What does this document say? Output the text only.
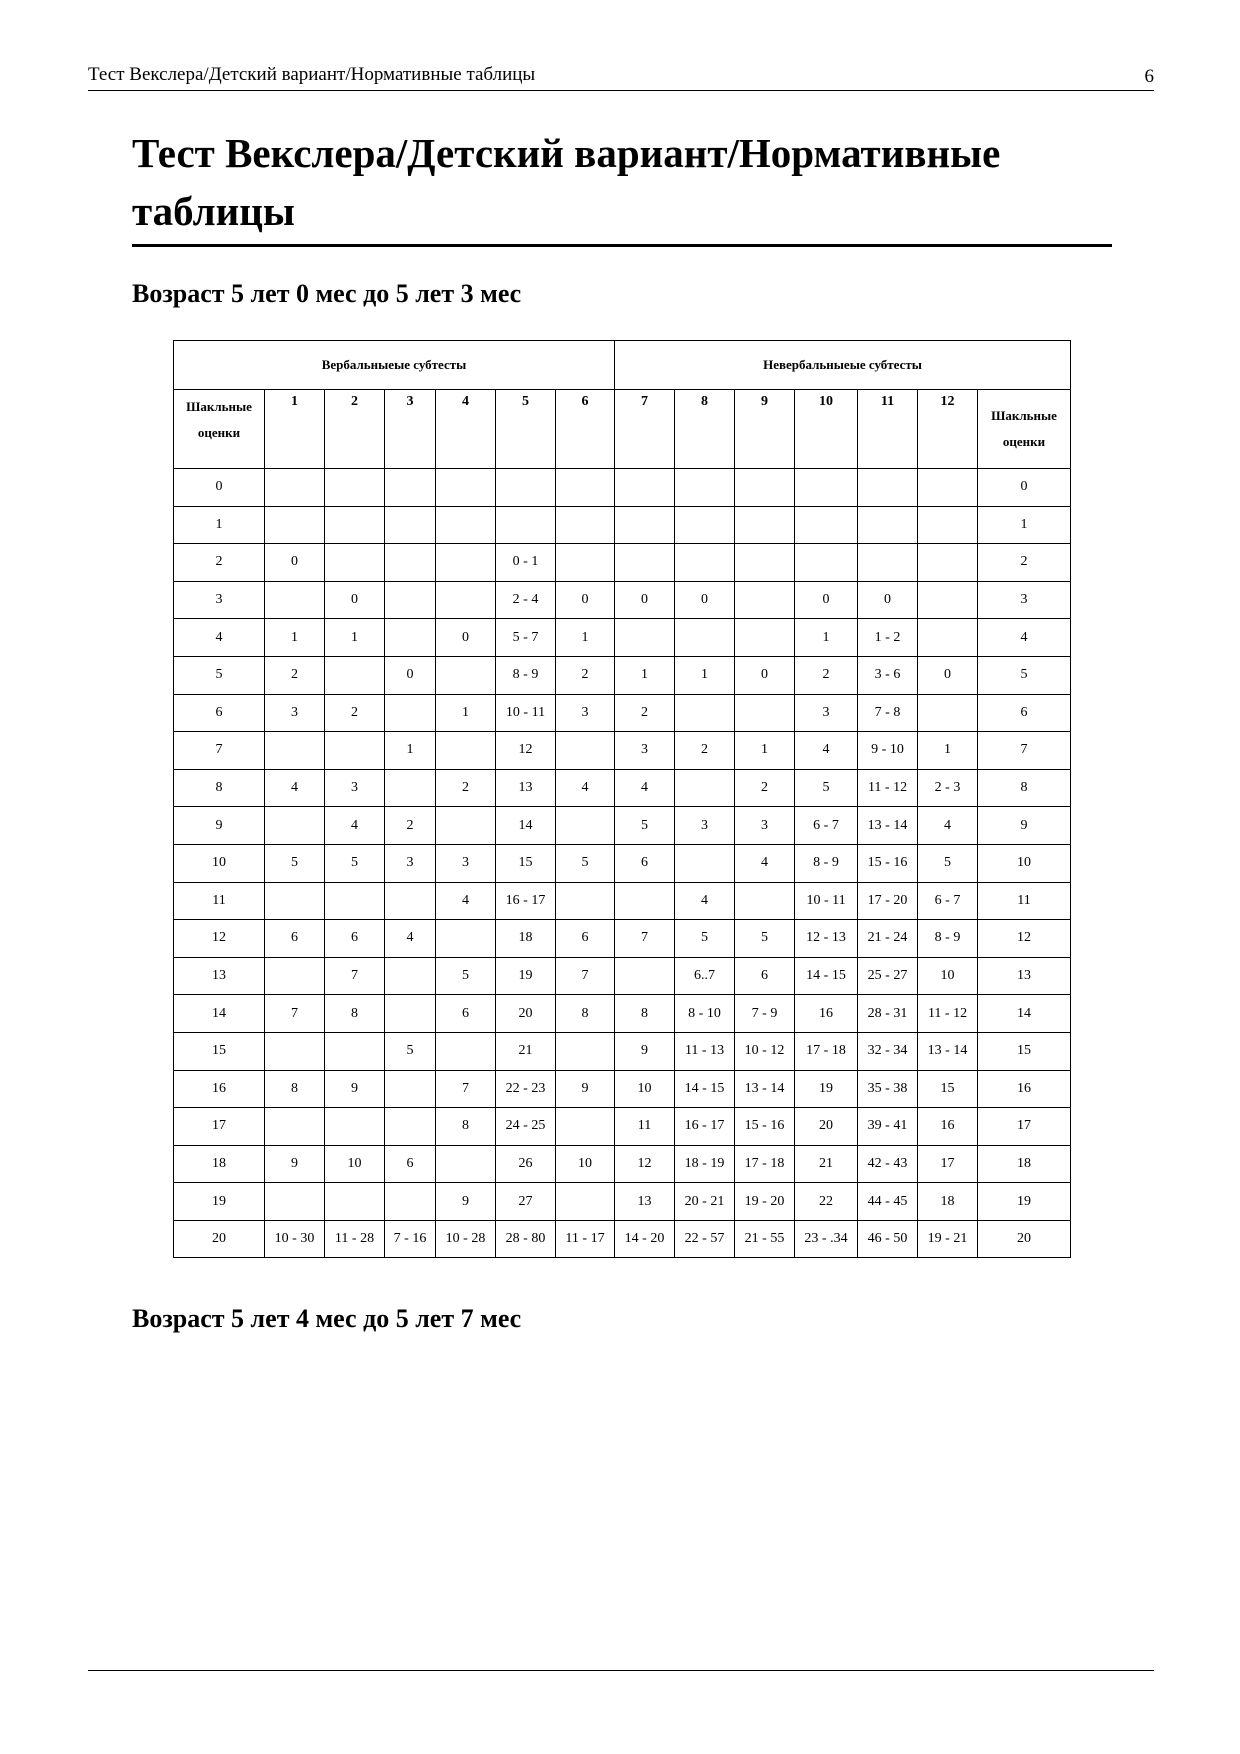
Тест Векслера/Детский вариант/Нормативные таблицы	6
Тест Векслера/Детский вариант/Нормативные таблицы
Возраст 5 лет 0 мес до 5 лет 3 мес
Вербальныеые субтесты							Невербальныеые субтесты						
Шакльные оценки	1	2	3	4	5	6	7	8	9	10	11	12	Шакльные оценки
0													0
1													1
2	0				0 - 1								2
3		0			2 - 4	0	0	0		0	0		3
4	1	1		0	5 - 7	1				1	1 - 2		4
5	2		0		8 - 9	2	1	1	0	2	3 - 6	0	5
6	3	2		1	10 - 11	3	2			3	7 - 8		6
7			1		12		3	2	1	4	9 - 10	1	7
8	4	3		2	13	4	4		2	5	11 - 12	2 - 3	8
9		4	2		14		5	3	3	6 - 7	13 - 14	4	9
10	5	5	3	3	15	5	6		4	8 - 9	15 - 16	5	10
11				4	16 - 17			4		10 - 11	17 - 20	6 - 7	11
12	6	6	4		18	6	7	5	5	12 - 13	21 - 24	8 - 9	12
13		7		5	19	7		6..7	6	14 - 15	25 - 27	10	13
14	7	8		6	20	8	8	8 - 10	7 - 9	16	28 - 31	11 - 12	14
15			5		21		9	11 - 13	10 - 12	17 - 18	32 - 34	13 - 14	15
16	8	9		7	22 - 23	9	10	14 - 15	13 - 14	19	35 - 38	15	16
17				8	24 - 25		11	16 - 17	15 - 16	20	39 - 41	16	17
18	9	10	6		26	10	12	18 - 19	17 - 18	21	42 - 43	17	18
19				9	27		13	20 - 21	19 - 20	22	44 - 45	18	19
20	10 - 30	11 - 28	7 - 16	10 - 28	28 - 80	11 - 17	14 - 20	22 - 57	21 - 55	23 - .34	46 - 50	19 - 21	20
Возраст 5 лет 4 мес до 5 лет 7 мес
